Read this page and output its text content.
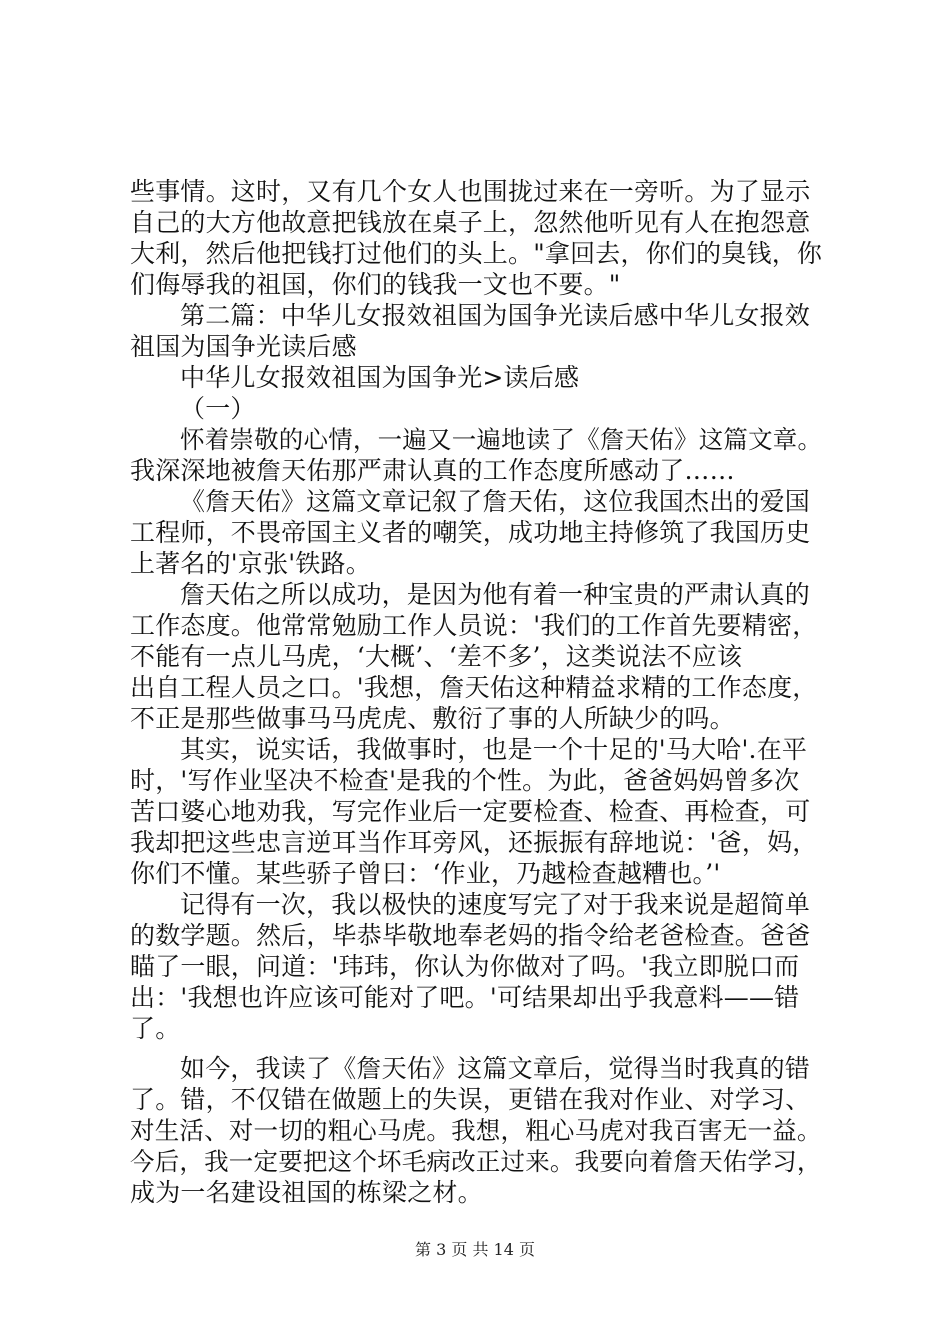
些事情。这时，又有几个女人也围拢过来在一旁听。为了显示
自己的大方他故意把钱放在桌子上，忽然他听见有人在抱怨意
大利，然后他把钱打过他们的头上。"拿回去，你们的臭钱，你
们侮辱我的祖国，你们的钱我一文也不要。"
第二篇：中华儿女报效祖国为国争光读后感中华儿女报效
祖国为国争光读后感
中华儿女报效祖国为国争光>读后感
（一）
怀着崇敬的心情，一遍又一遍地读了《詹天佑》这篇文章。
我深深地被詹天佑那严肃认真的工作态度所感动了……
《詹天佑》这篇文章记叙了詹天佑，这位我国杰出的爱国
工程师，不畏帝国主义者的嘲笑，成功地主持修筑了我国历史
上著名的'京张'铁路。
詹天佑之所以成功，是因为他有着一种宝贵的严肃认真的
工作态度。他常常勉励工作人员说：'我们的工作首先要精密，
不能有一点儿马虎，‘大概’、‘差不多’，这类说法不应该
出自工程人员之口。'我想，詹天佑这种精益求精的工作态度，
不正是那些做事马马虎虎、敷衍了事的人所缺少的吗。
其实，说实话，我做事时，也是一个十足的'马大哈'.在平
时，'写作业坚决不检查'是我的个性。为此，爸爸妈妈曾多次
苦口婆心地劝我，写完作业后一定要检查、检查、再检查，可
我却把这些忠言逆耳当作耳旁风，还振振有辞地说：'爸，妈，
你们不懂。某些骄子曾曰：‘作业，乃越检查越糟也。’'
记得有一次，我以极快的速度写完了对于我来说是超简单
的数学题。然后，毕恭毕敬地奉老妈的指令给老爸检查。爸爸
瞄了一眼，问道：'玮玮，你认为你做对了吗。'我立即脱口而
出：'我想也许应该可能对了吧。'可结果却出乎我意料——错
了。
如今，我读了《詹天佑》这篇文章后，觉得当时我真的错
了。错，不仅错在做题上的失误，更错在我对作业、对学习、
对生活、对一切的粗心马虎。我想，粗心马虎对我百害无一益。
今后，我一定要把这个坏毛病改正过来。我要向着詹天佑学习，
成为一名建设祖国的栋梁之材。
第 3 页 共 14 页
